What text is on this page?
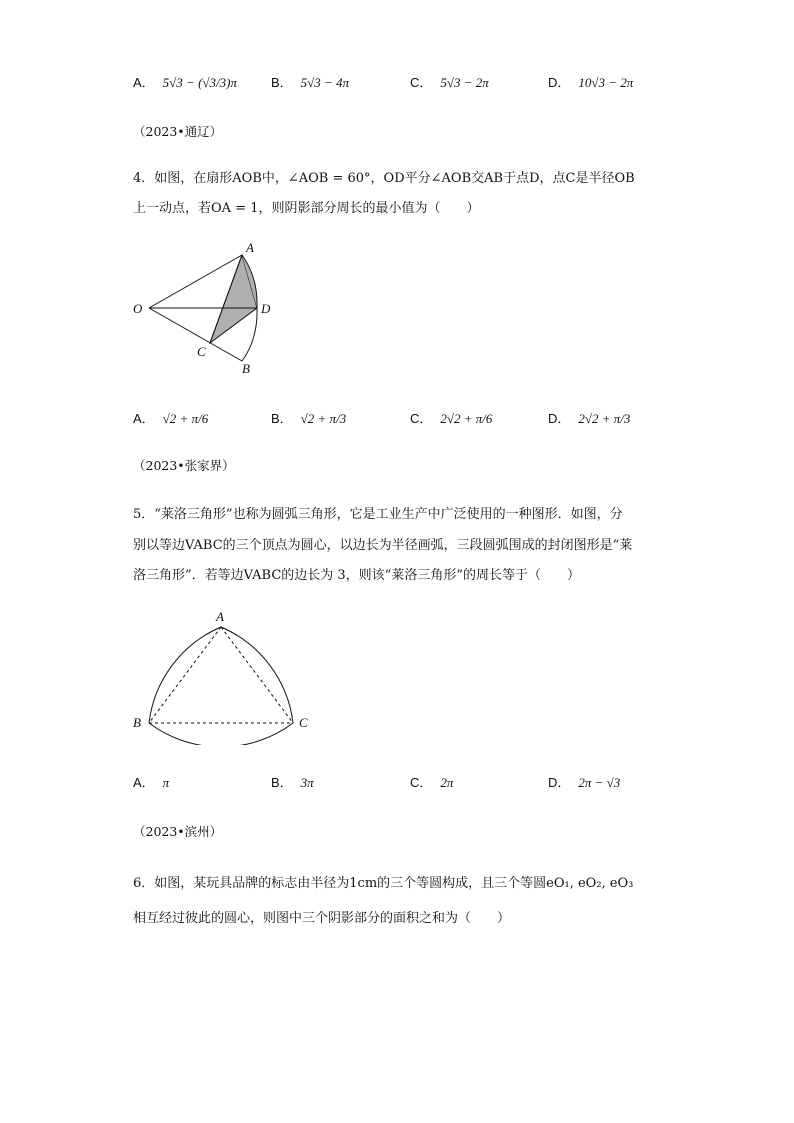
A． 5√3 − (√3/3)π	B． 5√3 − 4π	C． 5√3 − 2π	D． 10√3 − 2π
（2023•通辽）
4．如图，在扇形AOB中，∠AOB = 60°，OD平分∠AOB交AB于点D，点C是半径OB
上一动点，若OA = 1，则阴影部分周长的最小值为（　　）
A
O	D
C
B
A． √2 + π/6	B． √2 + π/3	C． 2√2 + π/6	D． 2√2 + π/3
（2023•张家界）
5．“莱洛三角形”也称为圆弧三角形，它是工业生产中广泛使用的一种图形．如图，分
别以等边VABC的三个顶点为圆心，以边长为半径画弧，三段圆弧围成的封闭图形是“莱
洛三角形”．若等边VABC的边长为 3，则该“莱洛三角形”的周长等于（　　）
A
B	C
A． π	B． 3π	C． 2π	D． 2π − √3
（2023•滨州）
6．如图，某玩具品牌的标志由半径为1cm的三个等圆构成，且三个等圆eO₁, eO₂, eO₃
相互经过彼此的圆心，则图中三个阴影部分的面积之和为（　　）
